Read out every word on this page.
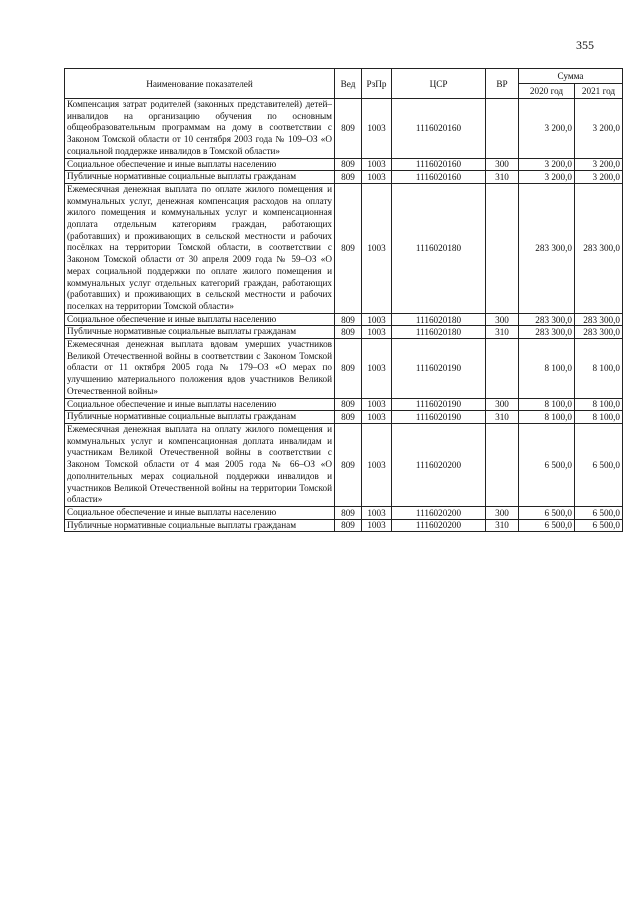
355
Наименование показателей	Вед	РзПр	ЦСР	ВР	Сумма	
					2020 год	2021 год
Компенсация затрат родителей (законных представителей) детей–инвалидов на организацию обучения по основным общеобразовательным программам на дому в соответствии с Законом Томской области от 10 сентября 2003 года № 109–ОЗ «О социальной поддержке инвалидов в Томской области»	809	1003	1116020160		3 200,0	3 200,0
Социальное обеспечение и иные выплаты населению	809	1003	1116020160	300	3 200,0	3 200,0
Публичные нормативные социальные выплаты гражданам	809	1003	1116020160	310	3 200,0	3 200,0
Ежемесячная денежная выплата по оплате жилого помещения и коммунальных услуг, денежная компенсация расходов на оплату жилого помещения и коммунальных услуг и компенсационная доплата отдельным категориям граждан, работающих (работавших) и проживающих в сельской местности и рабочих посёлках на территории Томской области, в соответствии с Законом Томской области от 30 апреля 2009 года № 59–ОЗ «О мерах социальной поддержки по оплате жилого помещения и коммунальных услуг отдельных категорий граждан, работающих (работавших) и проживающих в сельской местности и рабочих поселках на территории Томской области»	809	1003	1116020180		283 300,0	283 300,0
Социальное обеспечение и иные выплаты населению	809	1003	1116020180	300	283 300,0	283 300,0
Публичные нормативные социальные выплаты гражданам	809	1003	1116020180	310	283 300,0	283 300,0
Ежемесячная денежная выплата вдовам умерших участников Великой Отечественной войны в соответствии с Законом Томской области от 11 октября 2005 года № 179–ОЗ «О мерах по улучшению материального положения вдов участников Великой Отечественной войны»	809	1003	1116020190		8 100,0	8 100,0
Социальное обеспечение и иные выплаты населению	809	1003	1116020190	300	8 100,0	8 100,0
Публичные нормативные социальные выплаты гражданам	809	1003	1116020190	310	8 100,0	8 100,0
Ежемесячная денежная выплата на оплату жилого помещения и коммунальных услуг и компенсационная доплата инвалидам и участникам Великой Отечественной войны в соответствии с Законом Томской области от 4 мая 2005 года № 66–ОЗ «О дополнительных мерах социальной поддержки инвалидов и участников Великой Отечественной войны на территории Томской области»	809	1003	1116020200		6 500,0	6 500,0
Социальное обеспечение и иные выплаты населению	809	1003	1116020200	300	6 500,0	6 500,0
Публичные нормативные социальные выплаты гражданам	809	1003	1116020200	310	6 500,0	6 500,0
